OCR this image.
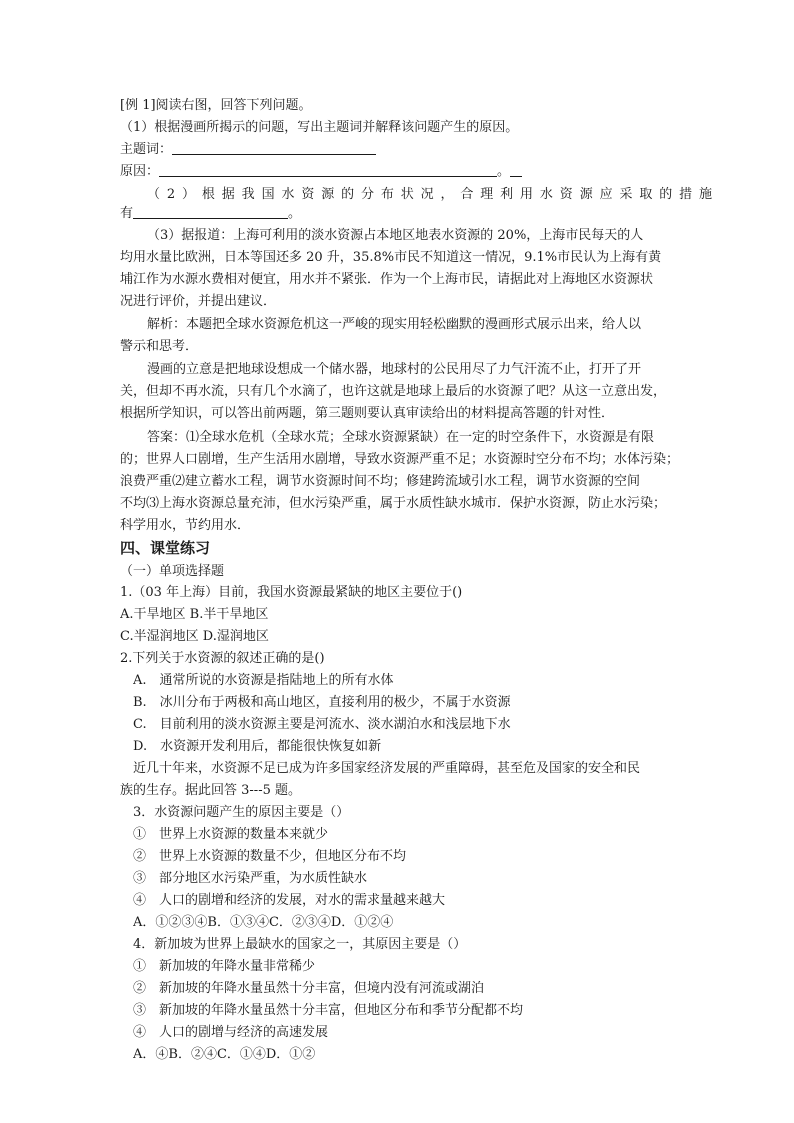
[例 1]阅读右图，回答下列问题。
（1）根据漫画所揭示的问题，写出主题词并解释该问题产生的原因。
主题词：
原因：	。
（2）根据我国水资源的分布状况，合理利用水资源应采取的措施
有	。
（3）据报道：上海可利用的淡水资源占本地区地表水资源的 20%，上海市民每天的人
均用水量比欧洲，日本等国还多 20 升，35.8%市民不知道这一情况，9.1%市民认为上海有黄
埔江作为水源水费相对便宜，用水并不紧张．作为一个上海市民，请据此对上海地区水资源状
况进行评价，并提出建议．
解析：本题把全球水资源危机这一严峻的现实用轻松幽默的漫画形式展示出来，给人以
警示和思考．
漫画的立意是把地球设想成一个储水器，地球村的公民用尽了力气汗流不止，打开了开
关，但却不再水流，只有几个水滴了，也许这就是地球上最后的水资源了吧？从这一立意出发，
根据所学知识，可以答出前两题，第三题则要认真审读给出的材料提高答题的针对性．
答案：⑴全球水危机（全球水荒；全球水资源紧缺）在一定的时空条件下，水资源是有限
的；世界人口剧增，生产生活用水剧增，导致水资源严重不足；水资源时空分布不均；水体污染；
浪费严重⑵建立蓄水工程，调节水资源时间不均；修建跨流域引水工程，调节水资源的空间
不均⑶上海水资源总量充沛，但水污染严重，属于水质性缺水城市．保护水资源，防止水污染；
科学用水，节约用水．
四、课堂练习
（一）单项选择题
1.（03 年上海）目前，我国水资源最紧缺的地区主要位于()
A.干旱地区 B.半干旱地区
C.半湿润地区 D.湿润地区
2.下列关于水资源的叙述正确的是()
A.　通常所说的水资源是指陆地上的所有水体
B.　冰川分布于两极和高山地区，直接利用的极少，不属于水资源
C.　目前利用的淡水资源主要是河流水、淡水湖泊水和浅层地下水
D.　水资源开发利用后，都能很快恢复如新
近几十年来，水资源不足已成为许多国家经济发展的严重障碍，甚至危及国家的安全和民
族的生存。据此回答 3---5 题。
3．水资源问题产生的原因主要是（）
①　世界上水资源的数量本来就少
②　世界上水资源的数量不少，但地区分布不均
③　部分地区水污染严重，为水质性缺水
④　人口的剧增和经济的发展，对水的需求量越来越大
A．①②③④B．①③④C．②③④D．①②④
4．新加坡为世界上最缺水的国家之一，其原因主要是（）
①　新加坡的年降水量非常稀少
②　新加坡的年降水量虽然十分丰富，但境内没有河流或湖泊
③　新加坡的年降水量虽然十分丰富，但地区分布和季节分配都不均
④　人口的剧增与经济的高速发展
A．④B．②④C．①④D．①②
